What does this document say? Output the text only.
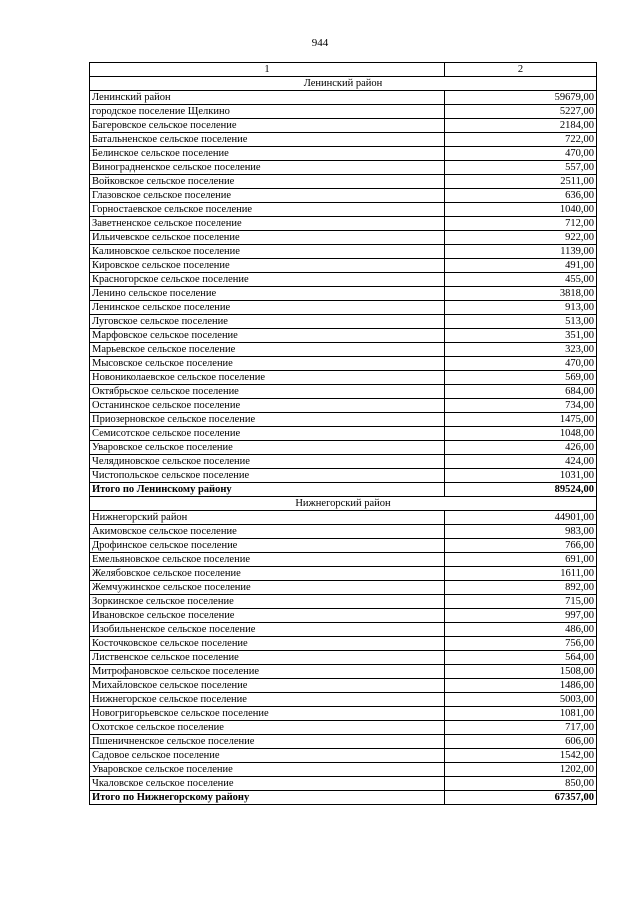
944
1	2
Ленинский район	
Ленинский район	59679,00
городское поселение Щелкино	5227,00
Багеровское сельское поселение	2184,00
Батальненское сельское поселение	722,00
Белинское сельское поселение	470,00
Виноградненское сельское поселение	557,00
Войковское сельское поселение	2511,00
Глазовское сельское поселение	636,00
Горностаевское сельское поселение	1040,00
Заветненское сельское поселение	712,00
Ильичевское сельское поселение	922,00
Калиновское сельское поселение	1139,00
Кировское сельское поселение	491,00
Красногорское сельское поселение	455,00
Ленино сельское поселение	3818,00
Ленинское сельское поселение	913,00
Луговское сельское поселение	513,00
Марфовское сельское поселение	351,00
Марьевское сельское поселение	323,00
Мысовское сельское поселение	470,00
Новониколаевское сельское поселение	569,00
Октябрьское сельское поселение	684,00
Останинское сельское поселение	734,00
Приозерновское сельское поселение	1475,00
Семисотское сельское поселение	1048,00
Уваровское сельское поселение	426,00
Челядиновское сельское поселение	424,00
Чистопольское сельское поселение	1031,00
Итого по Ленинскому району	89524,00
Нижнегорский район	
Нижнегорский район	44901,00
Акимовское сельское поселение	983,00
Дрофинское сельское поселение	766,00
Емельяновское сельское поселение	691,00
Желябовское сельское поселение	1611,00
Жемчужинское сельское поселение	892,00
Зоркинское сельское поселение	715,00
Ивановское сельское поселение	997,00
Изобильненское сельское поселение	486,00
Косточковское сельское поселение	756,00
Лиственское сельское поселение	564,00
Митрофановское сельское поселение	1508,00
Михайловское сельское поселение	1486,00
Нижнегорское сельское поселение	5003,00
Новогригорьевское сельское поселение	1081,00
Охотское сельское поселение	717,00
Пшеничненское сельское поселение	606,00
Садовое сельское поселение	1542,00
Уваровское сельское поселение	1202,00
Чкаловское сельское поселение	850,00
Итого по Нижнегорскому району	67357,00
